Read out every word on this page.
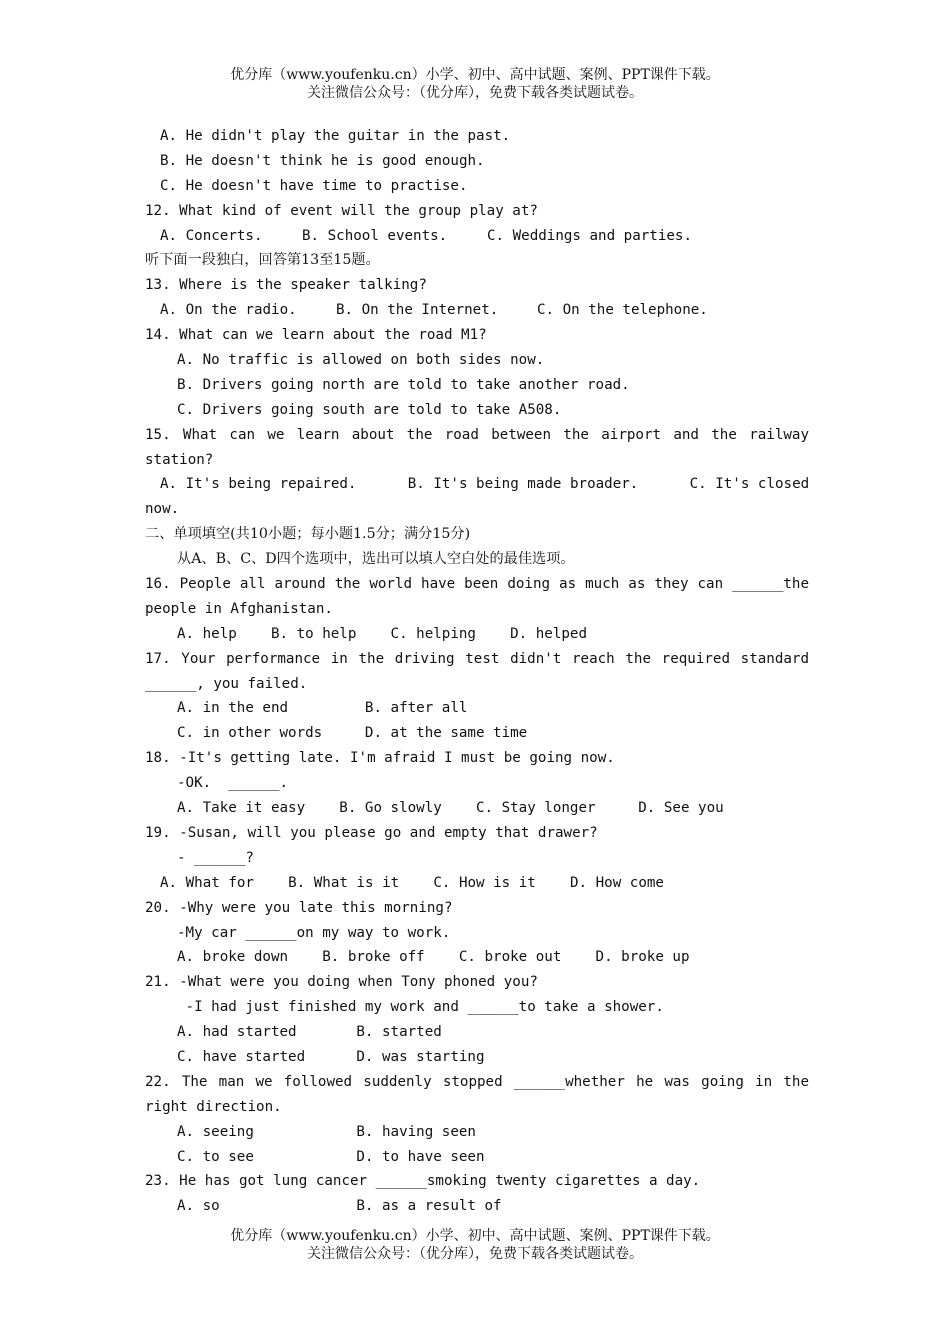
优分库（www.youfenku.cn）小学、初中、高中试题、案例、PPT课件下载。
关注微信公众号：（优分库），免费下载各类试题试卷。
A. He didn't play the guitar in the past.
B. He doesn't think he is good enough.
C. He doesn't have time to practise.
12. What kind of event will the group play at?
A. Concerts.	B. School events.	C. Weddings and parties.
听下面一段独白，回答第13至15题。
13. Where is the speaker talking?
A. On the radio.	B. On the Internet.	C. On the telephone.
14. What can we learn about the road M1?
A. No traffic is allowed on both sides now.
B. Drivers going north are told to take another road.
C. Drivers going south are told to take A508.
15. What can we learn about the road between the airport and the railway
station?
A. It's being repaired.      B. It's being made broader.      C. It's closed
now.
二、单项填空(共10小题；每小题1.5分；满分15分)
从A、B、C、D四个选项中，选出可以填人空白处的最佳选项。
16. People all around the world have been doing as much as they can ______the
people in Afghanistan.
A. help    B. to help    C. helping    D. helped
17. Your performance in the driving test didn't reach the required standard
______, you failed.
A. in the end         B. after all
C. in other words     D. at the same time
18. -It's getting late. I'm afraid I must be going now.
-OK.  ______.
A. Take it easy    B. Go slowly    C. Stay longer     D. See you
19. -Susan, will you please go and empty that drawer?
- ______?
A. What for    B. What is it    C. How is it    D. How come
20. -Why were you late this morning?
-My car ______on my way to work.
A. broke down    B. broke off    C. broke out    D. broke up
21. -What were you doing when Tony phoned you?
-I had just finished my work and ______to take a shower.
A. had started       B. started
C. have started      D. was starting
22. The man we followed suddenly stopped ______whether he was going in the
right direction.
A. seeing            B. having seen
C. to see            D. to have seen
23. He has got lung cancer ______smoking twenty cigarettes a day.
A. so                B. as a result of
优分库（www.youfenku.cn）小学、初中、高中试题、案例、PPT课件下载。
关注微信公众号：（优分库），免费下载各类试题试卷。
